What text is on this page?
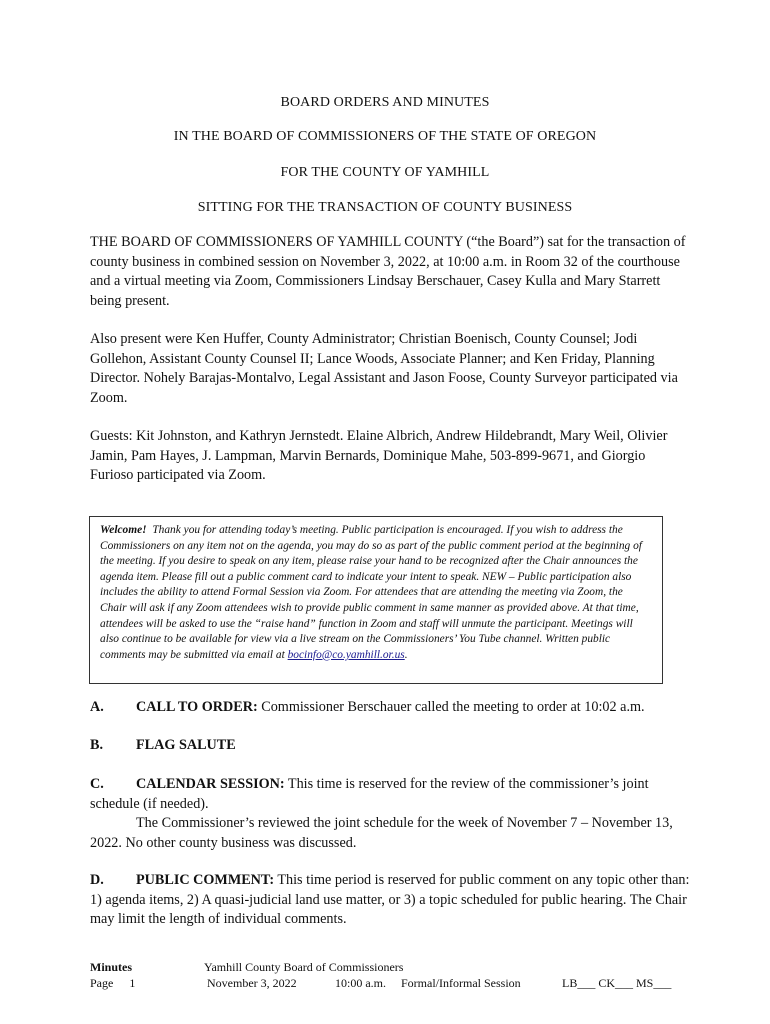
BOARD ORDERS AND MINUTES
IN THE BOARD OF COMMISSIONERS OF THE STATE OF OREGON
FOR THE COUNTY OF YAMHILL
SITTING FOR THE TRANSACTION OF COUNTY BUSINESS
THE BOARD OF COMMISSIONERS OF YAMHILL COUNTY (“the Board”) sat for the transaction of county business in combined session on November 3, 2022, at 10:00 a.m. in Room 32 of the courthouse and a virtual meeting via Zoom, Commissioners Lindsay Berschauer, Casey Kulla and Mary Starrett being present.
Also present were Ken Huffer, County Administrator; Christian Boenisch, County Counsel; Jodi Gollehon, Assistant County Counsel II; Lance Woods, Associate Planner; and Ken Friday, Planning Director. Nohely Barajas-Montalvo, Legal Assistant and Jason Foose, County Surveyor participated via Zoom.
Guests: Kit Johnston, and Kathryn Jernstedt. Elaine Albrich, Andrew Hildebrandt, Mary Weil, Olivier Jamin, Pam Hayes, J. Lampman, Marvin Bernards, Dominique Mahe, 503-899-9671, and Giorgio Furioso participated via Zoom.
Welcome! Thank you for attending today’s meeting. Public participation is encouraged. If you wish to address the Commissioners on any item not on the agenda, you may do so as part of the public comment period at the beginning of the meeting. If you desire to speak on any item, please raise your hand to be recognized after the Chair announces the agenda item. Please fill out a public comment card to indicate your intent to speak. NEW – Public participation also includes the ability to attend Formal Session via Zoom. For attendees that are attending the meeting via Zoom, the Chair will ask if any Zoom attendees wish to provide public comment in same manner as provided above. At that time, attendees will be asked to use the “raise hand” function in Zoom and staff will unmute the participant. Meetings will also continue to be available for view via a live stream on the Commissioners’ You Tube channel. Written public comments may be submitted via email at bocinfo@co.yamhill.or.us.
A. CALL TO ORDER: Commissioner Berschauer called the meeting to order at 10:02 a.m.
B. FLAG SALUTE
C. CALENDAR SESSION: This time is reserved for the review of the commissioner’s joint schedule (if needed).
The Commissioner’s reviewed the joint schedule for the week of November 7 – November 13, 2022. No other county business was discussed.
D. PUBLIC COMMENT: This time period is reserved for public comment on any topic other than: 1) agenda items, 2) A quasi-judicial land use matter, or 3) a topic scheduled for public hearing. The Chair may limit the length of individual comments.
Minutes
Page 1
Yamhill County Board of Commissioners
November 3, 2022	10:00 a.m. Formal/Informal Session	LB___ CK___ MS___
